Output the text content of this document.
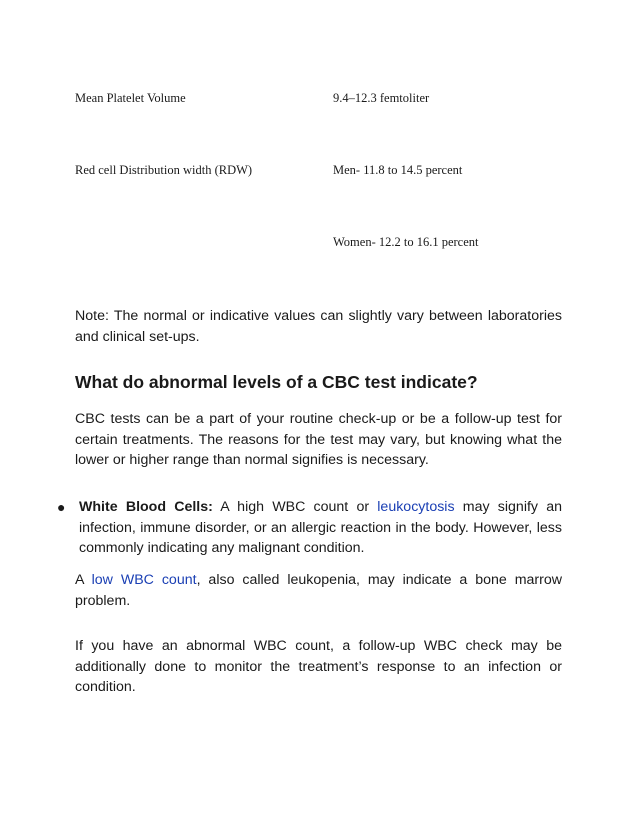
Mean Platelet Volume	9.4–12.3 femtoliter
Red cell Distribution width (RDW)	Men- 11.8 to 14.5 percent
Women- 12.2 to 16.1 percent

Note: The normal or indicative values can slightly vary between laboratories and clinical set-ups.

What do abnormal levels of a CBC test indicate?

CBC tests can be a part of your routine check-up or be a follow-up test for certain treatments. The reasons for the test may vary, but knowing what the lower or higher range than normal signifies is necessary.

● White Blood Cells: A high WBC count or leukocytosis may signify an infection, immune disorder, or an allergic reaction in the body. However, less commonly indicating any malignant condition.

A low WBC count, also called leukopenia, may indicate a bone marrow problem.

If you have an abnormal WBC count, a follow-up WBC check may be additionally done to monitor the treatment’s response to an infection or condition.
